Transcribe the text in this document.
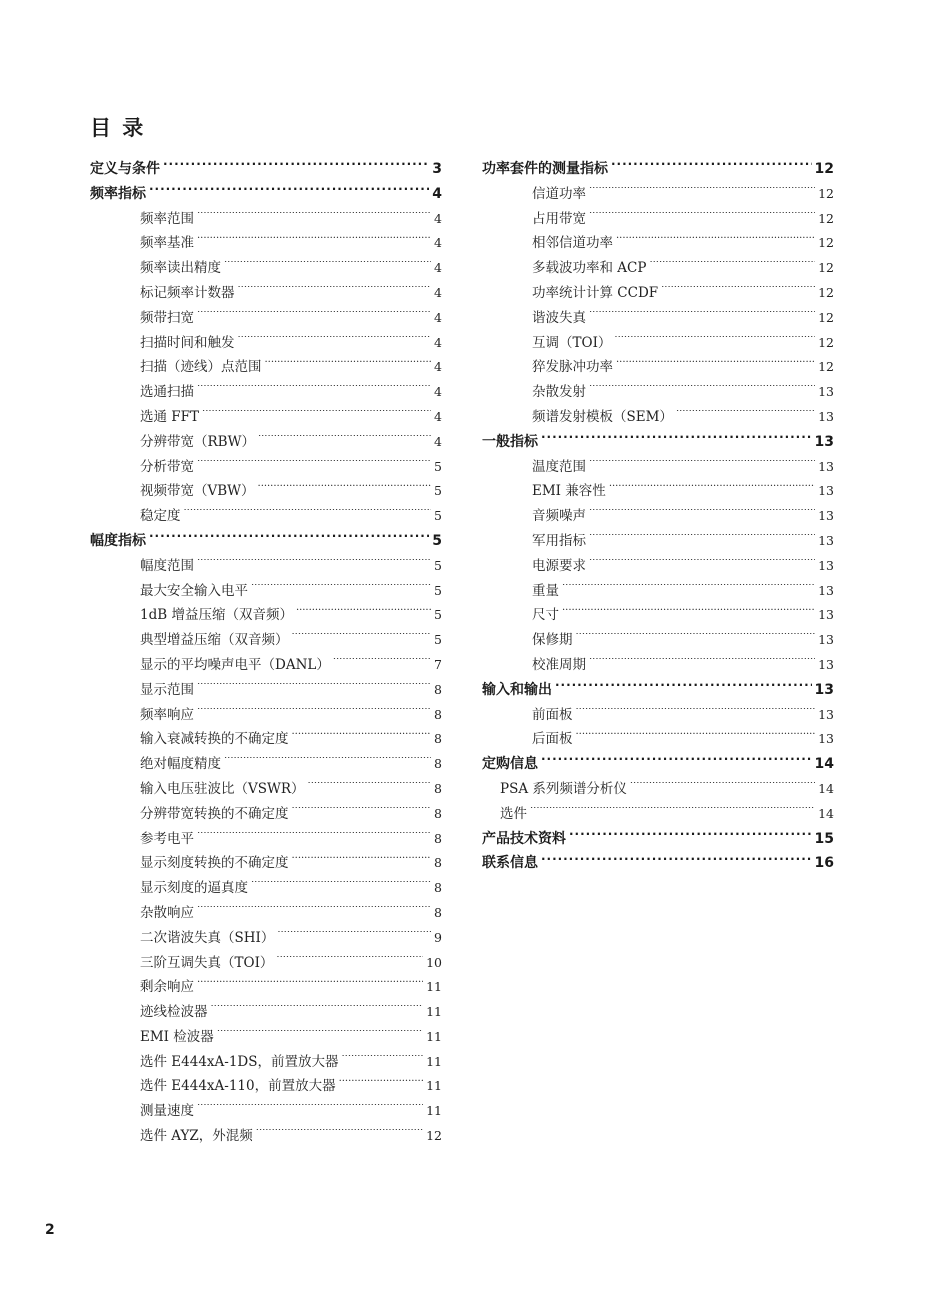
目 录
定义与条件 . . .	3
频率指标 . . .	4
频率范围 . . .	4
频率基准 . . .	4
频率读出精度 . . .	4
标记频率计数器 . . .	4
频带扫宽 . . .	4
扫描时间和触发 . . .	4
扫描（迹线）点范围 . . .	4
选通扫描 . . .	4
选通 FFT . . .	4
分辨带宽（RBW） . . .	4
分析带宽 . . .	5
视频带宽（VBW） . . .	5
稳定度 . . .	5
幅度指标 . . .	5
幅度范围 . . .	5
最大安全输入电平 . . .	5
1dB 增益压缩（双音频） . . .	5
典型增益压缩（双音频） . . .	5
显示的平均噪声电平（DANL） . . .	7
显示范围 . . .	8
频率响应 . . .	8
输入衰减转换的不确定度 . . .	8
绝对幅度精度 . . .	8
输入电压驻波比（VSWR） . . .	8
分辨带宽转换的不确定度 . . .	8
参考电平 . . .	8
显示刻度转换的不确定度 . . .	8
显示刻度的逼真度 . . .	8
杂散响应 . . .	8
二次谐波失真（SHI） . . .	9
三阶互调失真（TOI） . . .	10
剩余响应 . . .	11
迹线检波器 . . .	11
EMI 检波器 . . .	11
选件 E444xA-1DS，前置放大器 . . .	11
选件 E444xA-110，前置放大器 . . .	11
测量速度 . . .	11
选件 AYZ，外混频 . . .	12
功率套件的测量指标 . . .	12
信道功率 . . .	12
占用带宽 . . .	12
相邻信道功率 . . .	12
多载波功率和 ACP . . .	12
功率统计计算 CCDF . . .	12
谐波失真 . . .	12
互调（TOI） . . .	12
猝发脉冲功率 . . .	12
杂散发射 . . .	13
频谱发射模板（SEM） . . .	13
一般指标 . . .	13
温度范围 . . .	13
EMI 兼容性 . . .	13
音频噪声 . . .	13
军用指标 . . .	13
电源要求 . . .	13
重量 . . .	13
尺寸 . . .	13
保修期 . . .	13
校准周期 . . .	13
输入和输出 . . .	13
前面板 . . .	13
后面板 . . .	13
定购信息 . . .	14
PSA 系列频谱分析仪 . . .	14
选件 . . .	14
产品技术资料 . . .	15
联系信息 . . .	16
2
